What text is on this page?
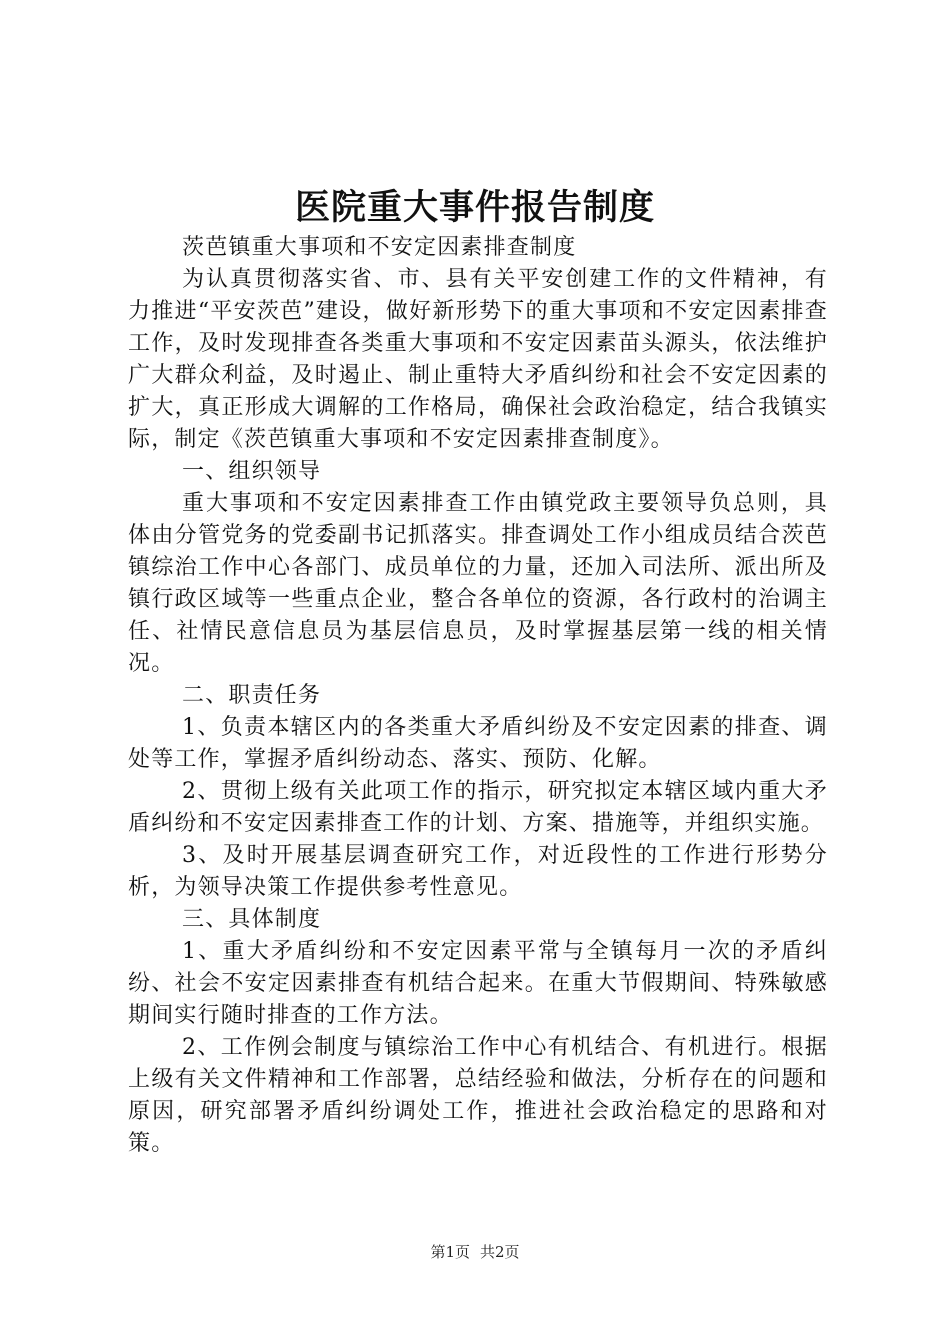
医院重大事件报告制度

茨芭镇重大事项和不安定因素排查制度

为认真贯彻落实省、市、县有关平安创建工作的文件精神，有力推进“平安茨芭”建设，做好新形势下的重大事项和不安定因素排查工作，及时发现排查各类重大事项和不安定因素苗头源头，依法维护广大群众利益，及时遏止、制止重特大矛盾纠纷和社会不安定因素的扩大，真正形成大调解的工作格局，确保社会政治稳定，结合我镇实际，制定《茨芭镇重大事项和不安定因素排查制度》。

一、组织领导

重大事项和不安定因素排查工作由镇党政主要领导负总则，具体由分管党务的党委副书记抓落实。排查调处工作小组成员结合茨芭镇综治工作中心各部门、成员单位的力量，还加入司法所、派出所及镇行政区域等一些重点企业，整合各单位的资源，各行政村的治调主任、社情民意信息员为基层信息员，及时掌握基层第一线的相关情况。

二、职责任务

1、负责本辖区内的各类重大矛盾纠纷及不安定因素的排查、调处等工作，掌握矛盾纠纷动态、落实、预防、化解。

2、贯彻上级有关此项工作的指示，研究拟定本辖区域内重大矛盾纠纷和不安定因素排查工作的计划、方案、措施等，并组织实施。

3、及时开展基层调查研究工作，对近段性的工作进行形势分析，为领导决策工作提供参考性意见。

三、具体制度

1、重大矛盾纠纷和不安定因素平常与全镇每月一次的矛盾纠纷、社会不安定因素排查有机结合起来。在重大节假期间、特殊敏感期间实行随时排查的工作方法。

2、工作例会制度与镇综治工作中心有机结合、有机进行。根据上级有关文件精神和工作部署，总结经验和做法，分析存在的问题和原因，研究部署矛盾纠纷调处工作，推进社会政治稳定的思路和对策。

第1页 共2页
